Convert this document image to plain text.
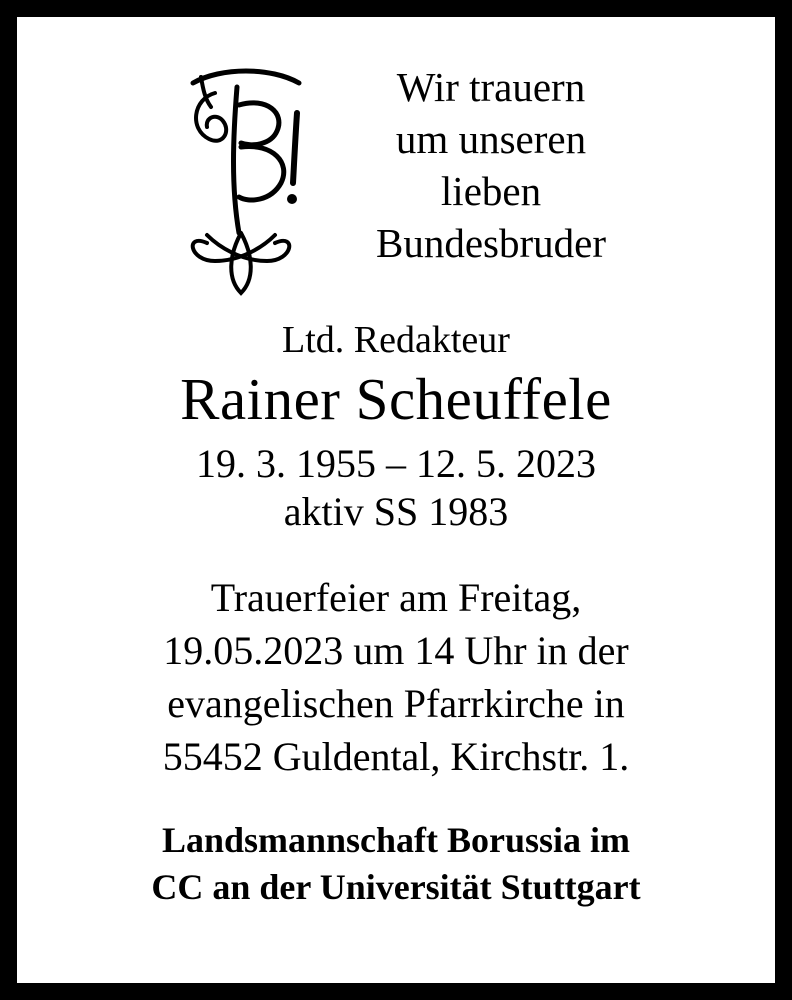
Wir trauern
um unseren
lieben
Bundesbruder
Ltd. Redakteur
Rainer Scheuffele
19. 3. 1955 – 12. 5. 2023
aktiv SS 1983
Trauerfeier am Freitag,
19.05.2023 um 14 Uhr in der
evangelischen Pfarrkirche in
55452 Guldental, Kirchstr. 1.
Landsmannschaft Borussia im
CC an der Universität Stuttgart
